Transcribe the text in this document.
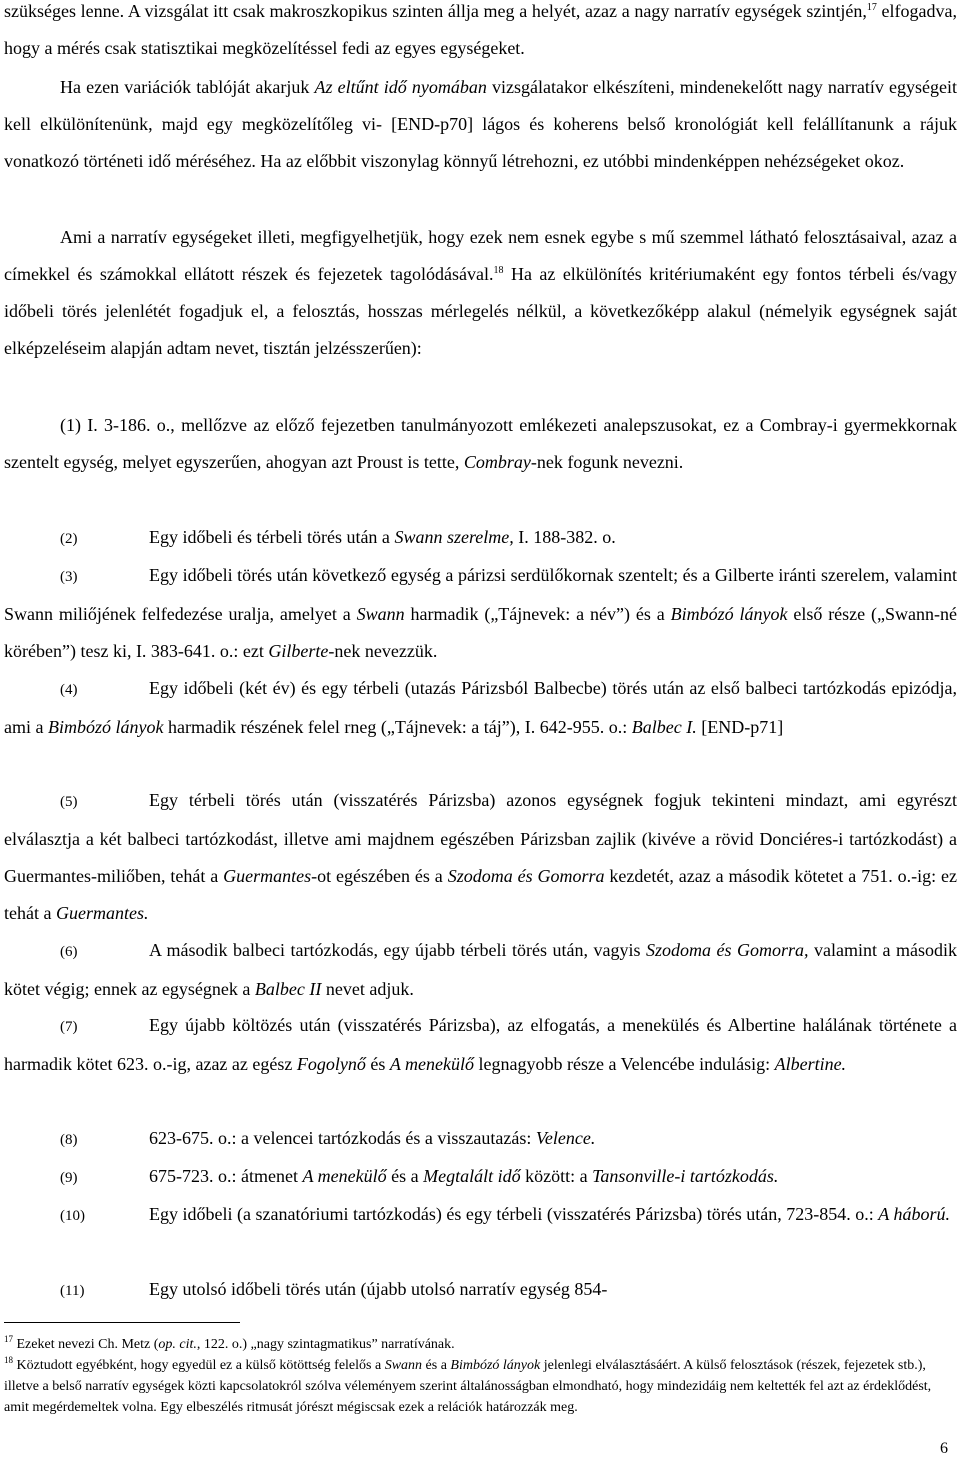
szükséges lenne. A vizsgálat itt csak makroszkopikus szinten állja meg a helyét, azaz a nagy narratív egységek szintjén,$^{17}$ elfogadva, hogy a mérés csak statisztikai megközelítéssel fedi az egyes egységeket.

Ha ezen variációk tablóját akarjuk Az eltűnt idő nyomában vizsgálatakor elkészíteni, mindenekelőtt nagy narratív egységeit kell elkülönítenünk, majd egy megközelítőleg vi- [END-p70] lágos és koherens belső kronológiát kell felállítanunk a rájuk vonatkozó történeti idő méréséhez. Ha az előbbit viszonylag könnyű létrehozni, ez utóbbi mindenképpen nehézségeket okoz.

Ami a narratív egységeket illeti, megfigyelhetjük, hogy ezek nem esnek egybe s mű szemmel látható felosztásaival, azaz a címekkel és számokkal ellátott részek és fejezetek tagolódásával.$^{18}$ Ha az elkülönítés kritériumaként egy fontos térbeli és/vagy időbeli törés jelenlétét fogadjuk el, a felosztás, hosszas mérlegelés nélkül, a következőképp alakul (némelyik egységnek saját elképzeléseim alapján adtam nevet, tisztán jelzésszerűen):

(1) I. 3-186. o., mellőzve az előző fejezetben tanulmányozott emlékezeti analepszusokat, ez a Combray-i gyermekkornak szentelt egység, melyet egyszerűen, ahogyan azt Proust is tette, Combray-nek fogunk nevezni.

(2)	Egy időbeli és térbeli törés után a Swann szerelme, I. 188-382. o.

(3)	Egy időbeli törés után következő egység a párizsi serdülőkornak szentelt; és a Gilberte iránti szerelem, valamint Swann miliőjének felfedezése uralja, amelyet a Swann harmadik („Tájnevek: a név”) és a Bimbózó lányok első része („Swann-né körében”) tesz ki, I. 383-641. o.: ezt Gilberte-nek nevezzük.

(4)	Egy időbeli (két év) és egy térbeli (utazás Párizsból Balbecbe) törés után az első balbeci tartózkodás epizódja, ami a Bimbózó lányok harmadik részének felel rneg („Tájnevek: a táj”), I. 642-955. o.: Balbec I. [END-p71]

(5)	Egy térbeli törés után (visszatérés Párizsba) azonos egységnek fogjuk tekinteni mindazt, ami egyrészt elválasztja a két balbeci tartózkodást, illetve ami majdnem egészében Párizsban zajlik (kivéve a rövid Donciéres-i tartózkodást) a Guermantes-miliőben, tehát a Guermantes-ot egészében és a Szodoma és Gomorra kezdetét, azaz a második kötetet a 751. o.-ig: ez tehát a Guermantes.

(6)	A második balbeci tartózkodás, egy újabb térbeli törés után, vagyis Szodoma és Gomorra, valamint a második kötet végig; ennek az egységnek a Balbec II nevet adjuk.

(7)	Egy újabb költözés után (visszatérés Párizsba), az elfogatás, a menekülés és Albertine halálának története a harmadik kötet 623. o.-ig, azaz az egész Fogolynő és A menekülő legnagyobb része a Velencébe indulásig: Albertine.

(8)	623-675. o.: a velencei tartózkodás és a visszautazás: Velence.

(9)	675-723. o.: átmenet A menekülő és a Megtalált idő között: a Tansonville-i tartózkodás.

(10)	Egy időbeli (a szanatóriumi tartózkodás) és egy térbeli (visszatérés Párizsba) törés után, 723-854. o.: A háború.

(11)	Egy utolsó időbeli törés után (újabb utolsó narratív egység 854-

$^{17}$ Ezeket nevezi Ch. Metz (op. cit., 122. o.) „nagy szintagmatikus” narratívának.

$^{18}$ Köztudott egyébként, hogy egyedül ez a külső kötöttség felelős a Swann és a Bimbózó lányok jelenlegi elválasztásáért. A külső felosztások (részek, fejezetek stb.), illetve a belső narratív egységek közti kapcsolatokról szólva véleményem szerint általánosságban elmondható, hogy mindezidáig nem keltették fel azt az érdeklődést, amit megérdemeltek volna. Egy elbeszélés ritmusát jórészt mégiscsak ezek a relációk határozzák meg.

6
